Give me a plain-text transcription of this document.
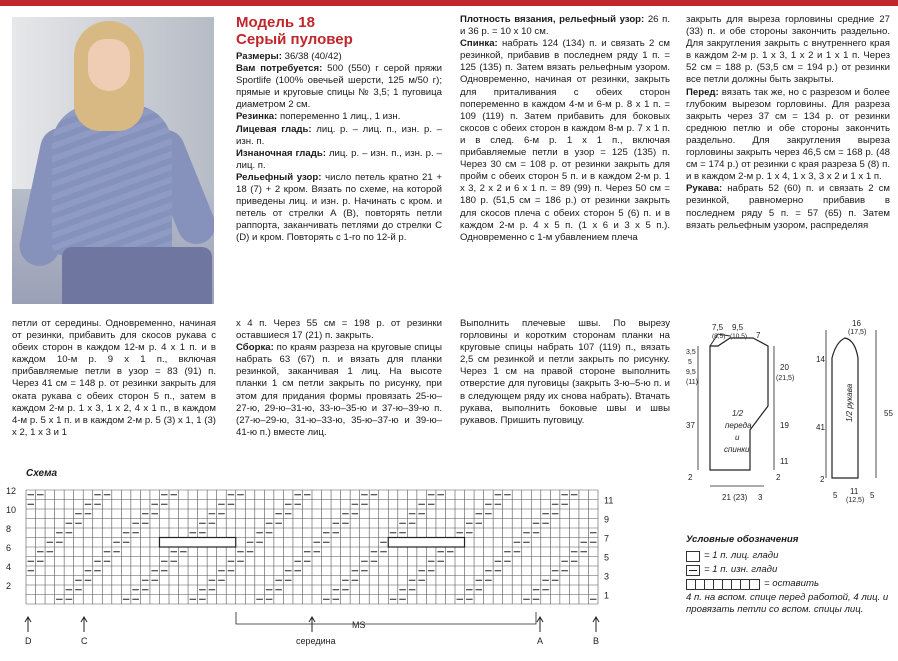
Модель 18
Серый пуловер
Размеры: 36/38 (40/42)
Вам потребуется: 500 (550) г серой пряжи Sportlife (100% овечьей шерсти, 125 м/50 г); прямые и круговые спицы № 3,5; 1 пуговица диаметром 2 см.
Резинка: попеременно 1 лиц., 1 изн.
Лицевая гладь: лиц. р. – лиц. п., изн. р. – изн. п.
Изнаночная гладь: лиц. р. – изн. п., изн. р. – лиц. п.
Рельефный узор: число петель кратно 21 + 18 (7) + 2 кром. Вязать по схеме, на которой приведены лиц. и изн. р. Начинать с кром. и петель от стрелки А (В), повторять петли раппорта, заканчивать петлями до стрелки С (D) и кром. Повторять с 1-го по 12-й р.
Плотность вязания, рельефный узор: 26 п. и 36 р. = 10 х 10 см.
Спинка: набрать 124 (134) п. и связать 2 см резинкой, прибавив в последнем ряду 1 п. = 125 (135) п. Затем вязать рельефным узором. Одновременно, начиная от резинки, закрыть для приталивания с обеих сторон попеременно в каждом 4-м и 6-м р. 8 х 1 п. = 109 (119) п. Затем прибавить для боковых скосов с обеих сторон в каждом 8-м р. 7 х 1 п. и в след. 6-м р. 1 х 1 п., включая прибавляемые петли в узор = 125 (135) п. Через 30 см = 108 р. от резинки закрыть для пройм с обеих сторон 5 п. и в каждом 2-м р. 1 х 3, 2 х 2 и 6 х 1 п. = 89 (99) п. Через 50 см = 180 р. (51,5 см = 186 р.) от резинки закрыть для скосов плеча с обеих сторон 5 (6) п. и в каждом 2-м р. 4 х 5 п. (1 х 6 и 3 х 5 п.). Одновременно с 1-м убавлением плеча
закрыть для выреза горловины средние 27 (33) п. и обе стороны закончить раздельно. Для закругления закрыть с внутреннего края в каждом 2-м р. 1 х 3, 1 х 2 и 1 х 1 п. Через 52 см = 188 р. (53,5 см = 194 р.) от резинки все петли должны быть закрыты.
Перед: вязать так же, но с разрезом и более глубоким вырезом горловины. Для разреза закрыть через 37 см = 134 р. от резинки среднюю петлю и обе стороны закончить раздельно. Для закругления выреза горловины закрыть через 46,5 см = 168 р. (48 см = 174 р.) от резинки с края разреза 5 (8) п. и в каждом 2-м р. 1 х 4, 1 х 3, 3 х 2 и 1 х 1 п.
Рукава: набрать 52 (60) п. и связать 2 см резинкой, равномерно прибавив в последнем ряду 5 п. = 57 (65) п. Затем вязать рельефным узором, распределяя
петли от середины. Одновременно, начиная от резинки, прибавить для скосов рукава с обеих сторон в каждом 12-м р. 4 х 1 п. и в каждом 10-м р. 9 х 1 п., включая прибавляемые петли в узор = 83 (91) п. Через 41 см = 148 р. от резинки закрыть для оката рукава с обеих сторон 5 п., затем в каждом 2-м р. 1 х 3, 1 х 2, 4 х 1 п., в каждом 4-м р. 5 х 1 п. и в каждом 2-м р. 5 (3) х 1, 1 (3) х 2, 1 х 3 и 1
х 4 п. Через 55 см = 198 р. от резинки оставшиеся 17 (21) п. закрыть.
Сборка: по краям разреза на круговые спицы набрать 63 (67) п. и вязать для планки резинкой, заканчивая 1 лиц. На высоте планки 1 см петли закрыть по рисунку, при этом для придания формы провязать 25-ю–27-ю, 29-ю–31-ю, 33-ю–35-ю и 37-ю–39-ю п. (27-ю–29-ю, 31-ю–33-ю, 35-ю–37-ю и 39-ю–41-ю п.) вместе лиц.
Выполнить плечевые швы. По вырезу горловины и коротким сторонам планки на круговые спицы набрать 107 (119) п., вязать 2,5 см резинкой и петли закрыть по рисунку. Через 1 см на правой стороне выполнить отверстие для пуговицы (закрыть 3-ю–5-ю п. и в следующем ряду их снова набрать). Втачать рукава, выполнить боковые швы и швы рукавов. Пришить пуговицу.
7,5
(8,5)
9,5
(10,5) 7
3,5
5
9,5
(11)
37
20
(21,5)
19
11
1/2
переда
и
спинки
21 (23) 3
2	2
16
(17,5)
14
41
55
1/2 рукава
11
(12,5)
5	5
2
Схема
12
10
8
6
4
2
11
9
7
5
3
1
D	C	середина	A	B
MS
Условные обозначения
= 1 п. лиц. глади
= 1 п. изн. глади
= оставить
4 п. на вспом. спице перед работой, 4 лиц. и провязать петли со вспом. спицы лиц.
